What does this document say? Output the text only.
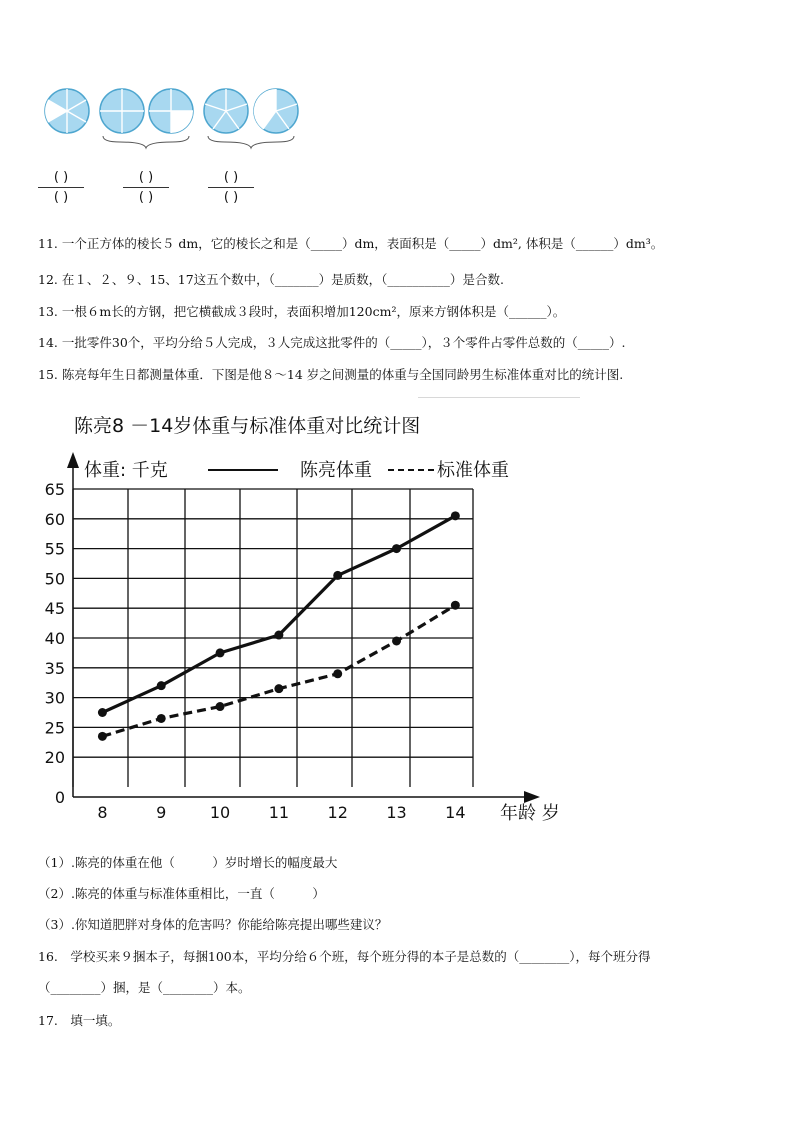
( )
( )
( )
( )
( )
( )
11. 一个正方体的棱长５ dm，它的棱长之和是（_____）dm，表面积是（_____）dm², 体积是（______）dm³。
12. 在１、２、９、15、17这五个数中，（_______）是质数，（__________）是合数.
13. 一根６m长的方钢，把它横截成３段时，表面积增加120cm²，原来方钢体积是（______）。
14. 一批零件30个，平均分给５人完成，３人完成这批零件的（_____），３个零件占零件总数的（_____）.
15. 陈亮每年生日都测量体重．下图是他８～14 岁之间测量的体重与全国同龄男生标准体重对比的统计图.
陈亮8 －14岁体重与标准体重对比统计图
体重: 千克	陈亮体重	标准体重
0
20
25
30
35
40
45
50
55
60
65
8	9	10 11 12 13 14 年龄 岁
（1）.陈亮的体重在他（　　　）岁时增长的幅度最大
（2）.陈亮的体重与标准体重相比，一直（　　　）
（3）.你知道肥胖对身体的危害吗？你能给陈亮提出哪些建议？
16.　学校买来９捆本子，每捆100本，平均分给６个班，每个班分得的本子是总数的（________），每个班分得
（________）捆，是（________）本。
17.　填一填。
